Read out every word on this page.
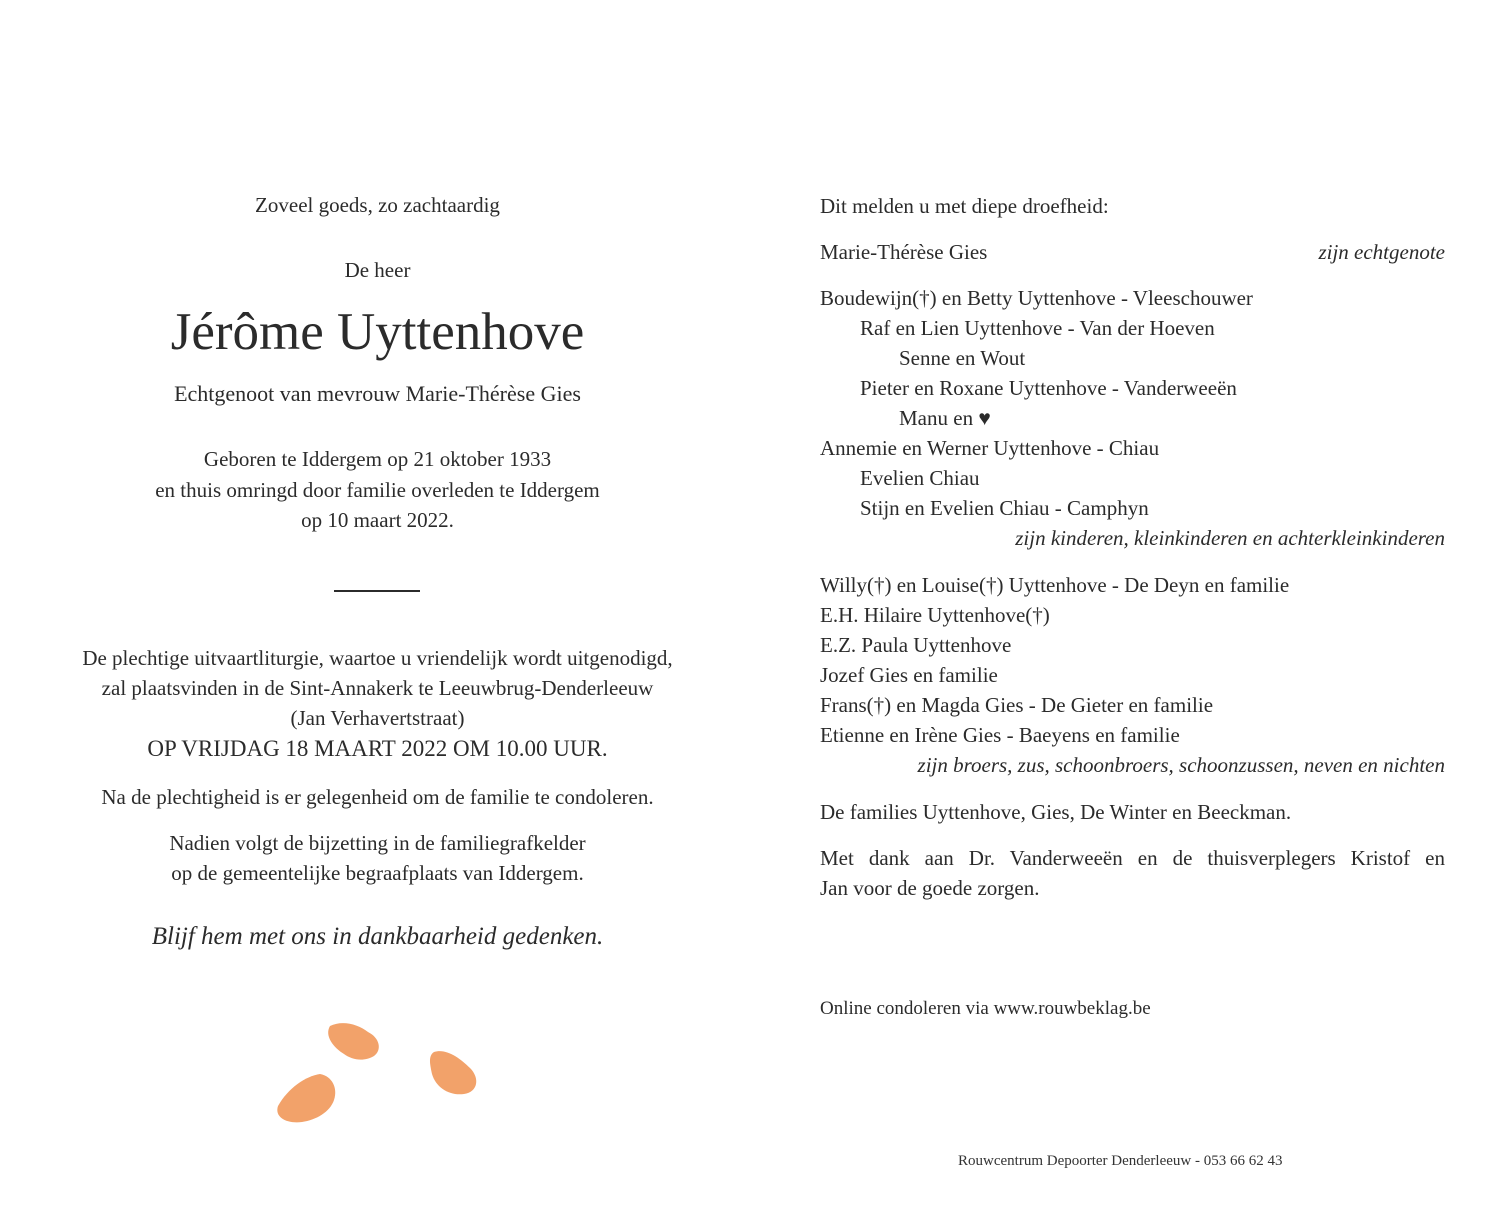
Zoveel goeds, zo zachtaardig
De heer
Jérôme Uyttenhove
Echtgenoot van mevrouw Marie-Thérèse Gies
Geboren te Iddergem op 21 oktober 1933
en thuis omringd door familie overleden te Iddergem
op 10 maart 2022.
De plechtige uitvaartliturgie, waartoe u vriendelijk wordt uitgenodigd,
zal plaatsvinden in de Sint-Annakerk te Leeuwbrug-Denderleeuw
(Jan Verhavertstraat)
OP VRIJDAG 18 MAART 2022 OM 10.00 UUR.
Na de plechtigheid is er gelegenheid om de familie te condoleren.
Nadien volgt de bijzetting in de familiegrafkelder
op de gemeentelijke begraafplaats van Iddergem.
Blijf hem met ons in dankbaarheid gedenken.
Dit melden u met diepe droefheid:
Marie-Thérèse Gies	zijn echtgenote
Boudewijn(†) en Betty Uyttenhove - Vleeschouwer
Raf en Lien Uyttenhove - Van der Hoeven
Senne en Wout
Pieter en Roxane Uyttenhove - Vanderweeën
Manu en ♥
Annemie en Werner Uyttenhove - Chiau
Evelien Chiau
Stijn en Evelien Chiau - Camphyn
zijn kinderen, kleinkinderen en achterkleinkinderen
Willy(†) en Louise(†) Uyttenhove - De Deyn en familie
E.H. Hilaire Uyttenhove(†)
E.Z. Paula Uyttenhove
Jozef Gies en familie
Frans(†) en Magda Gies - De Gieter en familie
Etienne en Irène Gies - Baeyens en familie
zijn broers, zus, schoonbroers, schoonzussen, neven en nichten
De families Uyttenhove, Gies, De Winter en Beeckman.
Met dank aan Dr. Vanderweeën en de thuisverplegers Kristof en
Jan voor de goede zorgen.
Online condoleren via www.rouwbeklag.be
Rouwcentrum Depoorter Denderleeuw - 053 66 62 43
